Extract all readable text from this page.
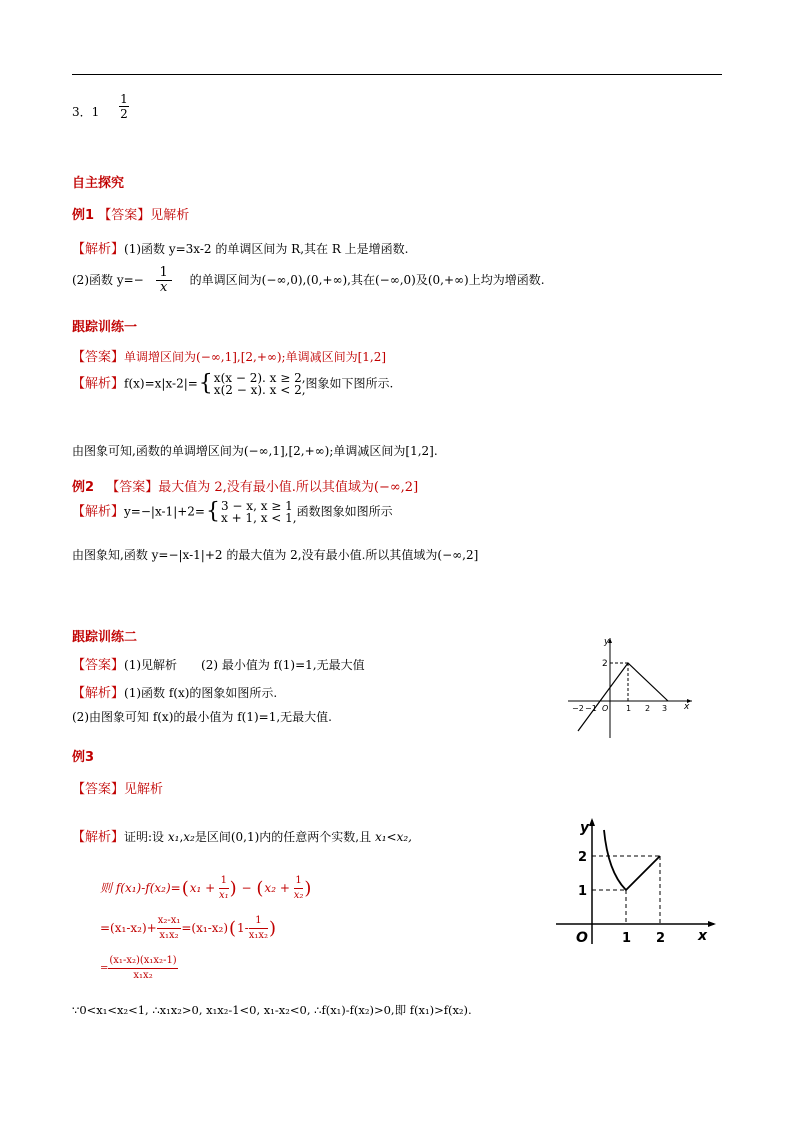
3．$1 \frac{1}{2}$
自主探究
例1 【答案】见解析
【解析】(1)函数 y=3x-2 的单调区间为 R,其在 R 上是增函数.
(2)函数 $y=- \frac{1}{x}$ 的单调区间为(−∞,0),(0,+∞),其在(−∞,0)及(0,+∞)上均为增函数.
跟踪训练一
【答案】单调增区间为(−∞,1],[2,+∞);单调减区间为[1,2]
【解析】f(x)=x|x-2|={ x(x − 2). x ≥ 2,
x(2 − x). x < 2, 图象如下图所示.
由图象可知,函数的单调增区间为(−∞,1],[2,+∞);单调减区间为[1,2].
例2 【答案】最大值为 2,没有最小值.所以其值域为(−∞,2]
【解析】y=−|x-1|+2={ 3 − x, x ≥ 1
x + 1, x < 1, 函数图象如图所示
由图象知,函数 y=−|x-1|+2 的最大值为 2,没有最小值.所以其值域为(−∞,2]
跟踪训练二
【答案】(1)见解析　　(2) 最小值为 f(1)=1,无最大值
【解析】(1)函数 f(x)的图象如图所示.
(2)由图象可知 f(x)的最小值为 f(1)=1,无最大值.
y
x
2
−2 −1 O 1 2 3
例3
【答案】见解析
【解析】证明:设 x₁,x₂是区间(0,1)内的任意两个实数,且 x₁<x₂,
则 $f(x_1)-f(x_2)=(x_1 + \frac{1}{\text{x₁}}$ ) − ($x_2 + \frac{1}{\text{x₂}}$ )
$=(x_1-x_2)+ \frac{\text{x₂-x₁}}{\text{x₁x₂}} =(x_1-x_2)(1- \frac{1}{\text{x₁x₂}}$ )
= $\frac{\text{(x₁-x₂)(x₁x₂-1)}}{\text{x₁x₂}}$
∵0<x₁<x₂<1, ∴x₁x₂>0, x₁x₂-1<0, x₁-x₂<0, ∴f(x₁)-f(x₂)>0,即 f(x₁)>f(x₂).
y
x
O
2
1
1 2
